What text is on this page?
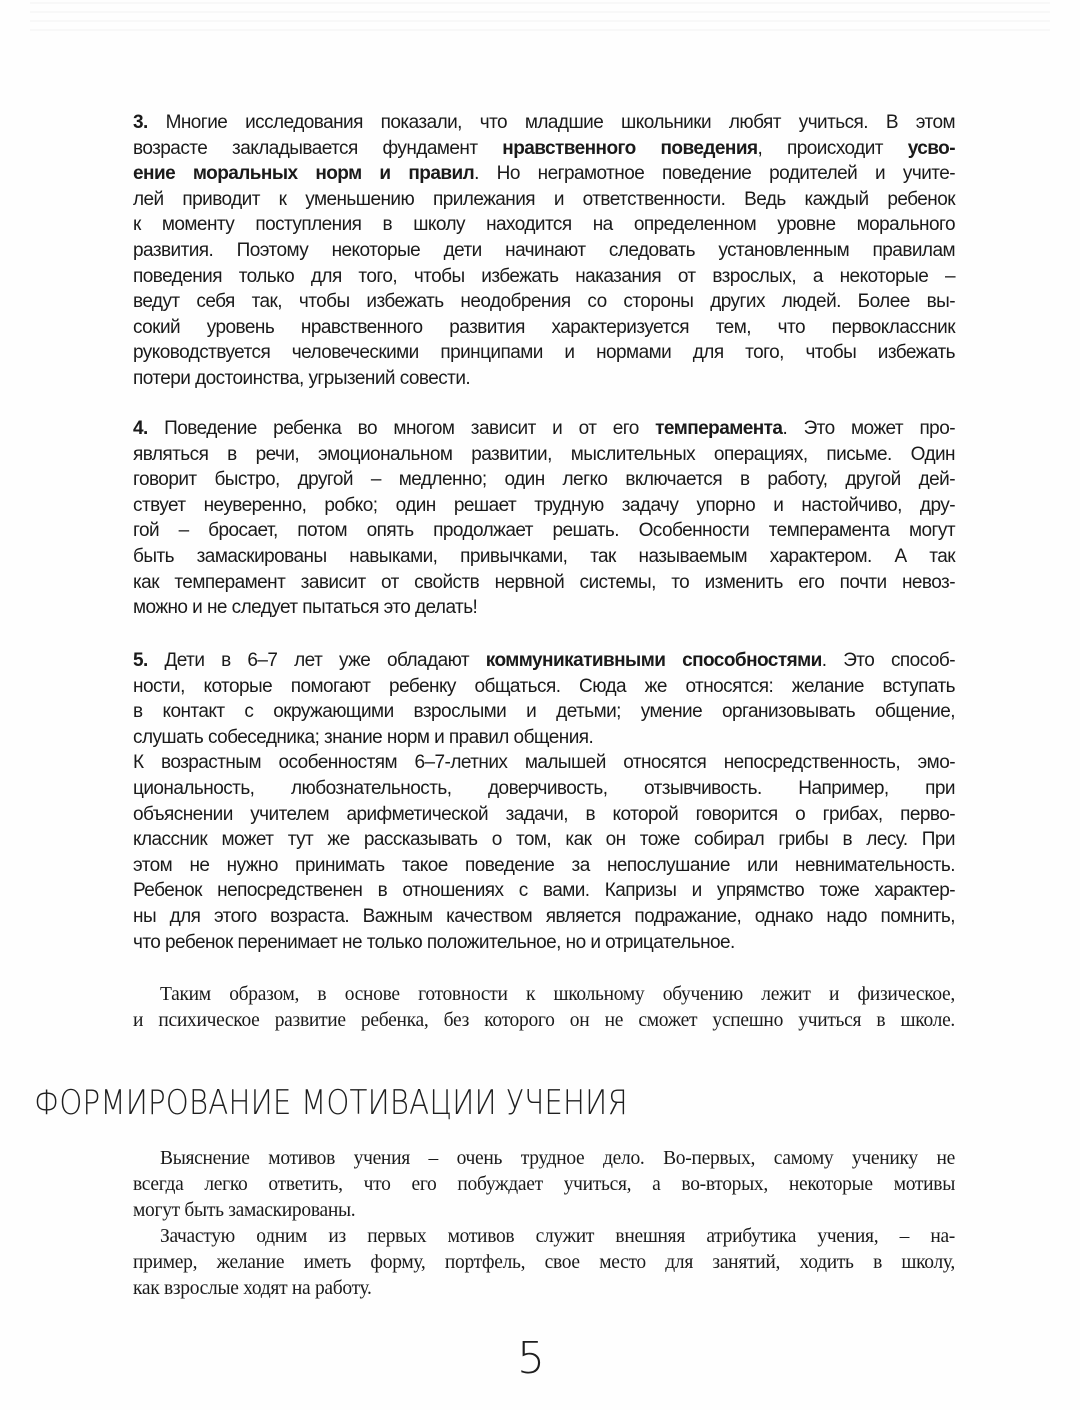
3. Многие исследования показали, что младшие школьники любят учиться. В этом
возрасте закладывается фундамент нравственного поведения, происходит усво-
ение моральных норм и правил. Но неграмотное поведение родителей и учите-
лей приводит к уменьшению прилежания и ответственности. Ведь каждый ребенок
к моменту поступления в школу находится на определенном уровне морального
развития. Поэтому некоторые дети начинают следовать установленным правилам
поведения только для того, чтобы избежать наказания от взрослых, а некоторые –
ведут себя так, чтобы избежать неодобрения со стороны других людей. Более вы-
сокий уровень нравственного развития характеризуется тем, что первоклассник
руководствуется человеческими принципами и нормами для того, чтобы избежать
потери достоинства, угрызений совести.
4. Поведение ребенка во многом зависит и от его темперамента. Это может про-
являться в речи, эмоциональном развитии, мыслительных операциях, письме. Один
говорит быстро, другой – медленно; один легко включается в работу, другой дей-
ствует неуверенно, робко; один решает трудную задачу упорно и настойчиво, дру-
гой – бросает, потом опять продолжает решать. Особенности темперамента могут
быть замаскированы навыками, привычками, так называемым характером. А так
как темперамент зависит от свойств нервной системы, то изменить его почти невоз-
можно и не следует пытаться это делать!
5. Дети в 6–7 лет уже обладают коммуникативными способностями. Это способ-
ности, которые помогают ребенку общаться. Сюда же относятся: желание вступать
в контакт с окружающими взрослыми и детьми; умение организовывать общение,
слушать собеседника; знание норм и правил общения.
К возрастным особенностям 6–7-летних малышей относятся непосредственность, эмо-
циональность, любознательность, доверчивость, отзывчивость. Например, при
объяснении учителем арифметической задачи, в которой говорится о грибах, перво-
классник может тут же рассказывать о том, как он тоже собирал грибы в лесу. При
этом не нужно принимать такое поведение за непослушание или невнимательность.
Ребенок непосредственен в отношениях с вами. Капризы и упрямство тоже характер-
ны для этого возраста. Важным качеством является подражание, однако надо помнить,
что ребенок перенимает не только положительное, но и отрицательное.
Таким образом, в основе готовности к школьному обучению лежит и физическое,
и психическое развитие ребенка, без которого он не сможет успешно учиться в школе.
ФОРМИРОВАНИЕ МОТИВАЦИИ УЧЕНИЯ
Выяснение мотивов учения – очень трудное дело. Во-первых, самому ученику не
всегда легко ответить, что его побуждает учиться, а во-вторых, некоторые мотивы
могут быть замаскированы.
Зачастую одним из первых мотивов служит внешняя атрибутика учения, – на-
пример, желание иметь форму, портфель, свое место для занятий, ходить в школу,
как взрослые ходят на работу.
5
